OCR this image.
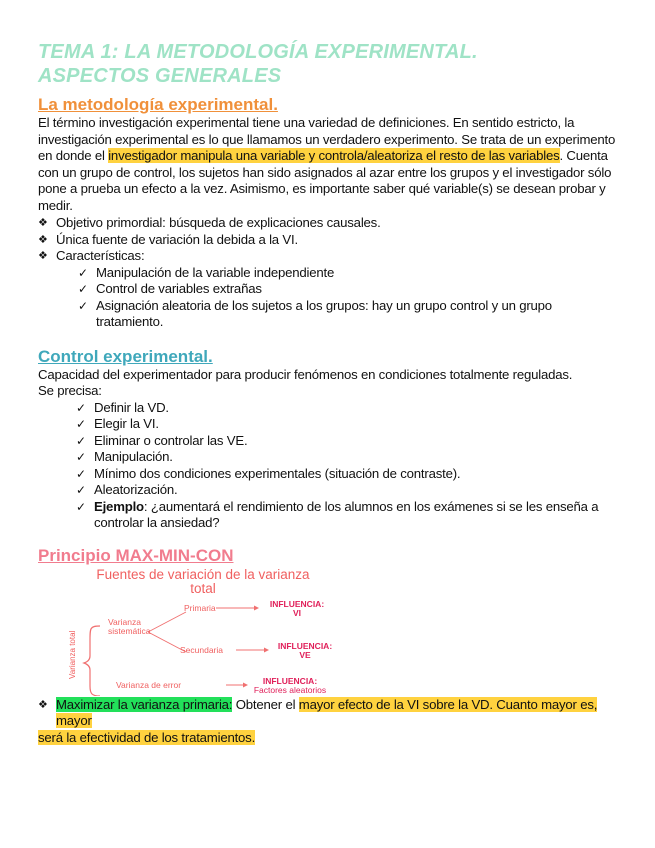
TEMA 1: LA METODOLOGÍA EXPERIMENTAL.
ASPECTOS GENERALES
La metodología experimental.

El término investigación experimental tiene una variedad de definiciones. En sentido estricto, la investigación experimental es lo que llamamos un verdadero experimento. Se trata de un experimento en donde el investigador manipula una variable y controla/aleatoriza el resto de las variables. Cuenta con un grupo de control, los sujetos han sido asignados al azar entre los grupos y el investigador sólo pone a prueba un efecto a la vez. Asimismo, es importante saber qué variable(s) se desean probar y medir.

❖ Objetivo primordial: búsqueda de explicaciones causales.
❖ Única fuente de variación la debida a la VI.
❖ Características:
✓ Manipulación de la variable independiente
✓ Control de variables extrañas
✓ Asignación aleatoria de los sujetos a los grupos: hay un grupo control y un grupo tratamiento.
Control experimental.

Capacidad del experimentador para producir fenómenos en condiciones totalmente reguladas.

Se precisa:

✓ Definir la VD.
✓ Elegir la VI.
✓ Eliminar o controlar las VE.
✓ Manipulación.
✓ Mínimo dos condiciones experimentales (situación de contraste).
✓ Aleatorización.
✓ Ejemplo: ¿aumentará el rendimiento de los alumnos en los exámenes si se les enseña a controlar la ansiedad?
Principio MAX-MIN-CON
Fuentes de variación de la varianza
total
Varianza total
Varianza
sistemática
Primaria
Secundaria
Varianza de error
INFLUENCIA:
VI
INFLUENCIA:
VE
INFLUENCIA:
Factores aleatorios
❖ Maximizar la varianza primaria: Obtener el mayor efecto de la VI sobre la VD. Cuanto mayor es, mayor

será la efectividad de los tratamientos.
